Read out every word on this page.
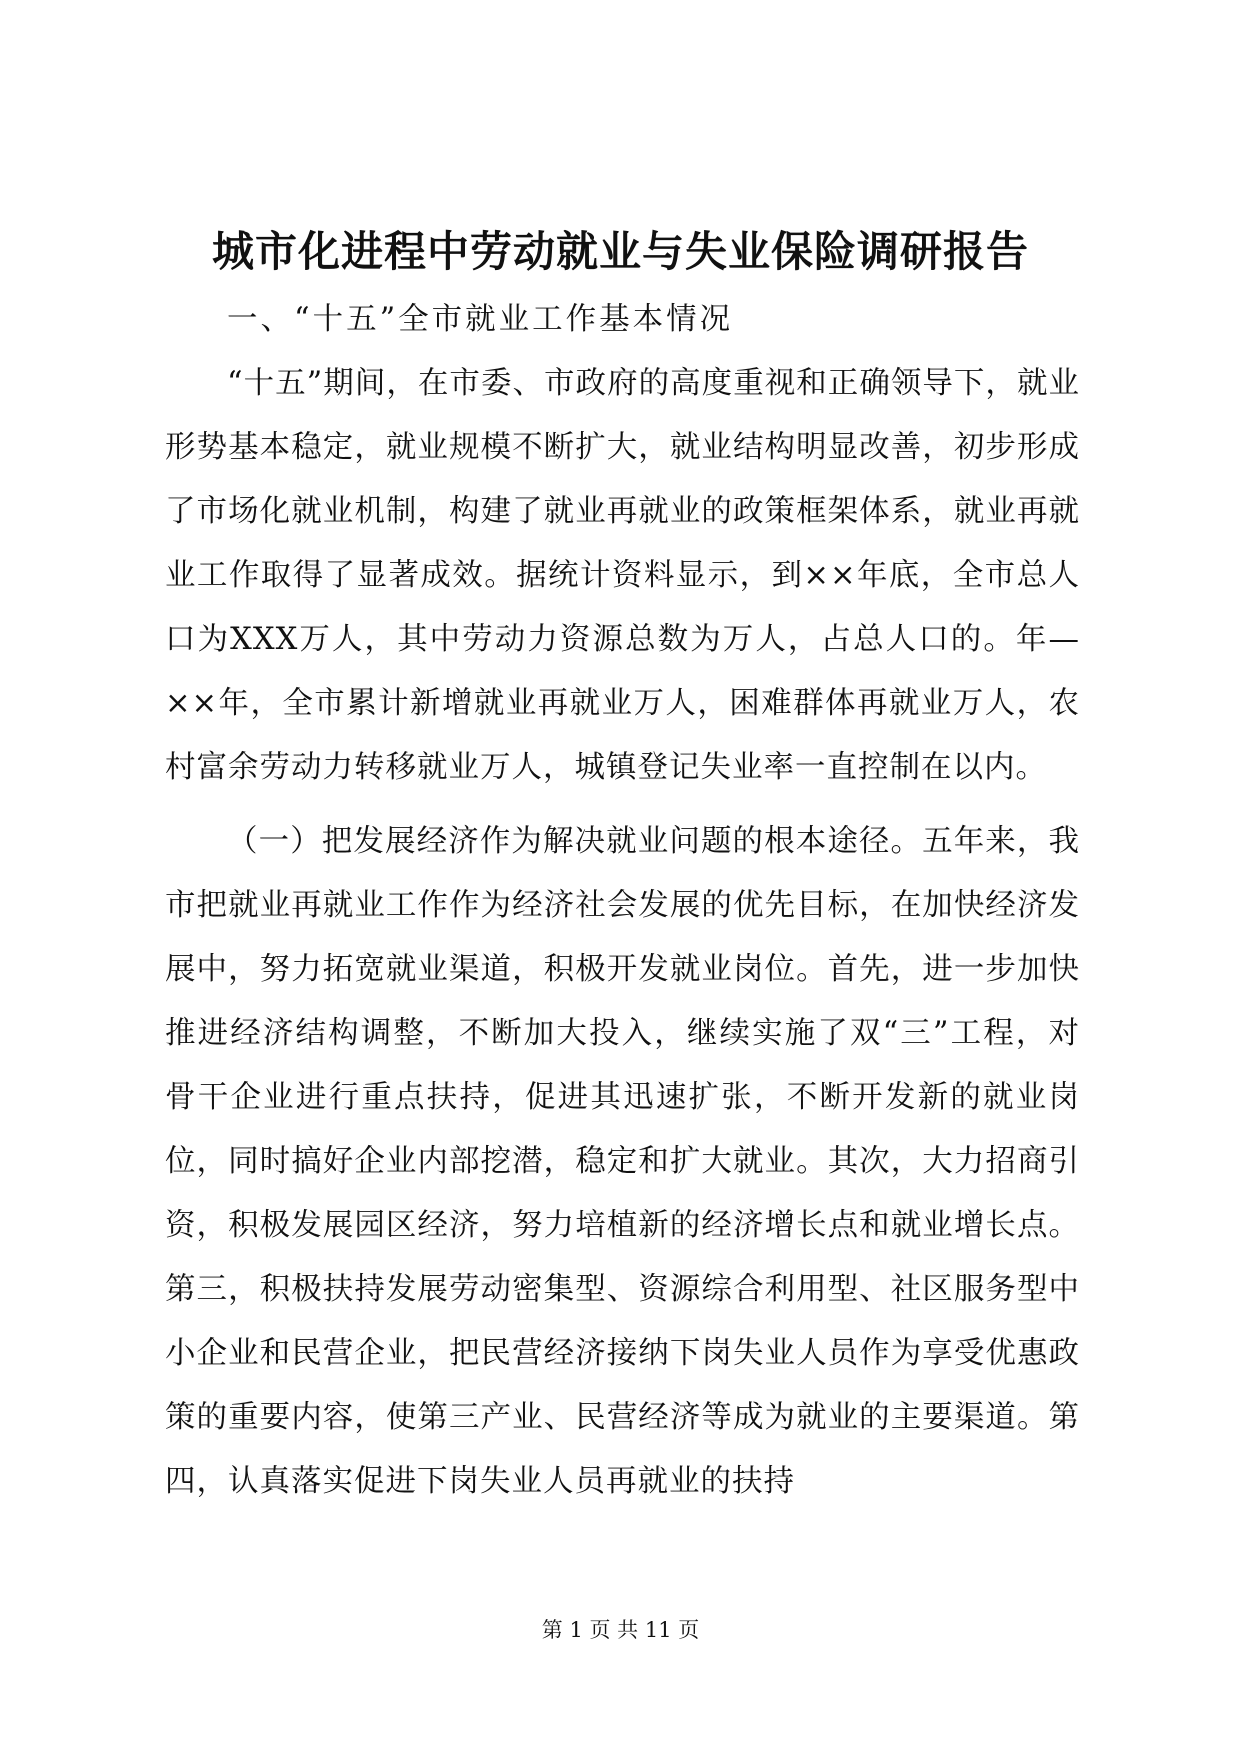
城市化进程中劳动就业与失业保险调研报告

一、“十五”全市就业工作基本情况

“十五”期间，在市委、市政府的高度重视和正确领导下，就业形势基本稳定，就业规模不断扩大，就业结构明显改善，初步形成了市场化就业机制，构建了就业再就业的政策框架体系，就业再就业工作取得了显著成效。据统计资料显示，到××年底，全市总人口为XXX万人，其中劳动力资源总数为万人，占总人口的。年—××年，全市累计新增就业再就业万人，困难群体再就业万人，农村富余劳动力转移就业万人，城镇登记失业率一直控制在以内。

（一）把发展经济作为解决就业问题的根本途径。五年来，我市把就业再就业工作作为经济社会发展的优先目标，在加快经济发展中，努力拓宽就业渠道，积极开发就业岗位。首先，进一步加快推进经济结构调整，不断加大投入，继续实施了双“三”工程，对骨干企业进行重点扶持，促进其迅速扩张，不断开发新的就业岗位，同时搞好企业内部挖潜，稳定和扩大就业。其次，大力招商引资，积极发展园区经济，努力培植新的经济增长点和就业增长点。第三，积极扶持发展劳动密集型、资源综合利用型、社区服务型中小企业和民营企业，把民营经济接纳下岗失业人员作为享受优惠政策的重要内容，使第三产业、民营经济等成为就业的主要渠道。第四，认真落实促进下岗失业人员再就业的扶持

第 1 页 共 11 页
